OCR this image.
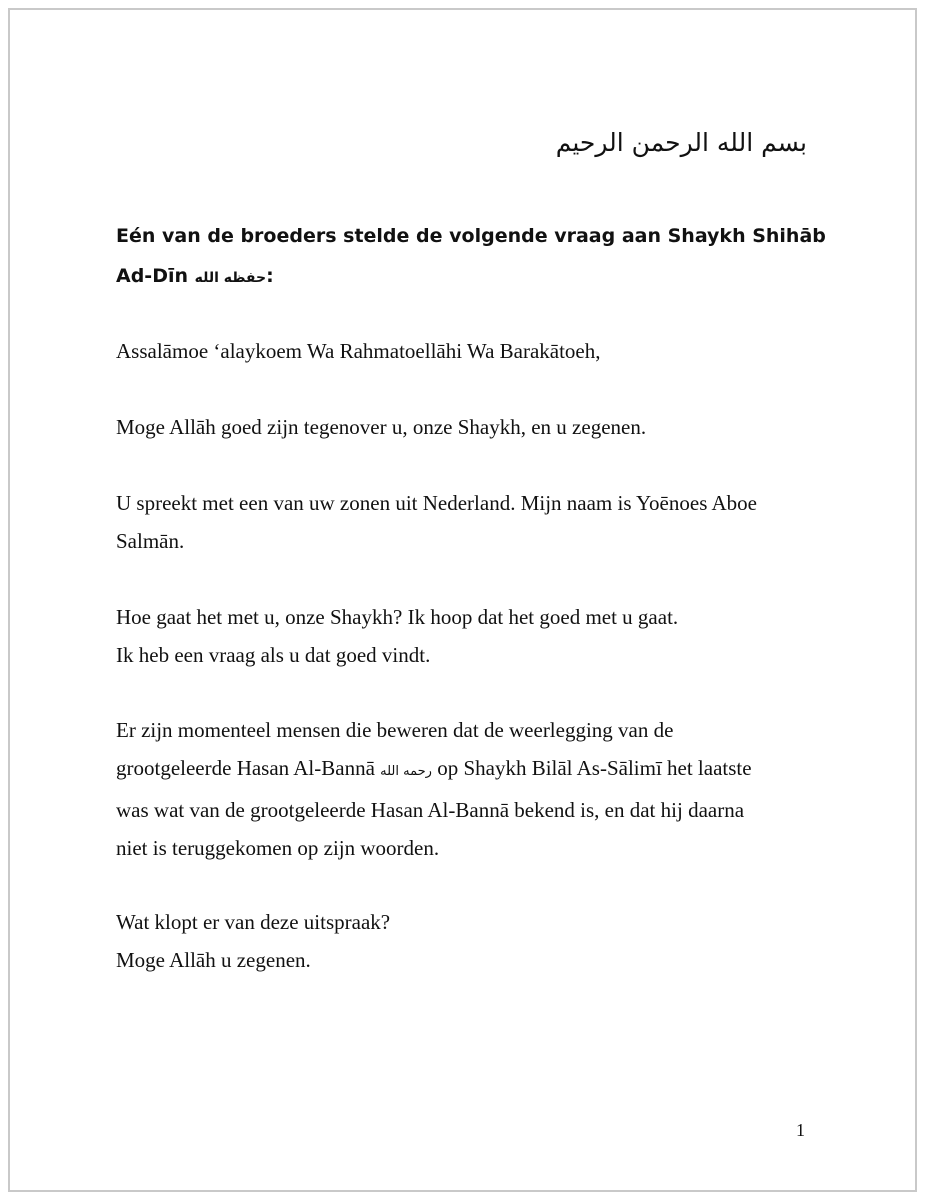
بسم الله الرحمن الرحيم
Eén van de broeders stelde de volgende vraag aan Shaykh Shihāb
Ad-Dīn حفظه الله:
Assalāmoe ‘alaykoem Wa Rahmatoellāhi Wa Barakātoeh,
Moge Allāh goed zijn tegenover u, onze Shaykh, en u zegenen.
U spreekt met een van uw zonen uit Nederland. Mijn naam is Yoēnoes Aboe
Salmān.
Hoe gaat het met u, onze Shaykh? Ik hoop dat het goed met u gaat.
Ik heb een vraag als u dat goed vindt.
Er zijn momenteel mensen die beweren dat de weerlegging van de
grootgeleerde Hasan Al-Bannā رحمه الله op Shaykh Bilāl As-Sālimī het laatste
was wat van de grootgeleerde Hasan Al-Bannā bekend is, en dat hij daarna
niet is teruggekomen op zijn woorden.
Wat klopt er van deze uitspraak?
Moge Allāh u zegenen.
1
